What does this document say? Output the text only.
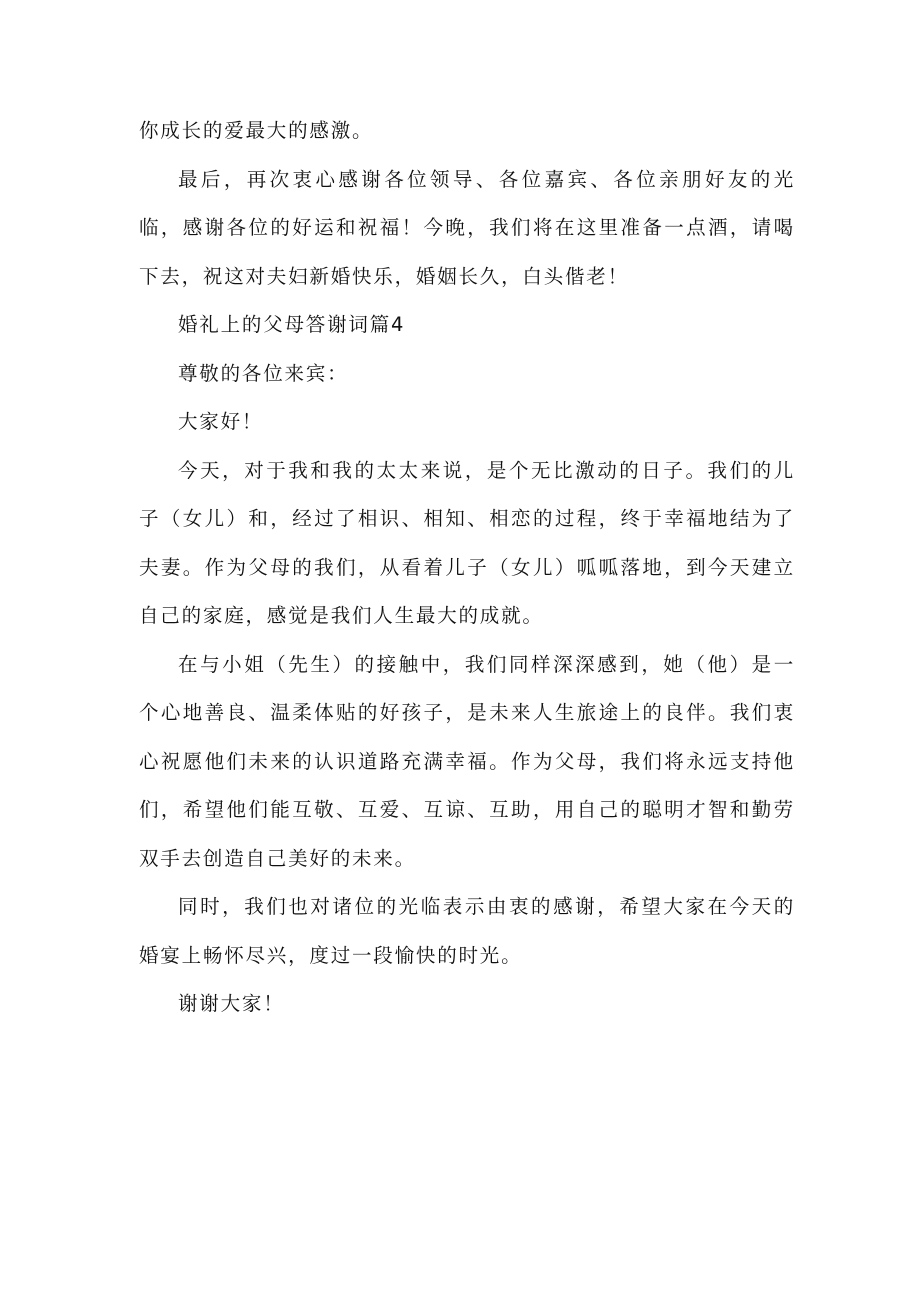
你成长的爱最大的感激。

最后，再次衷心感谢各位领导、各位嘉宾、各位亲朋好友的光临，感谢各位的好运和祝福！今晚，我们将在这里准备一点酒，请喝下去，祝这对夫妇新婚快乐，婚姻长久，白头偕老！

婚礼上的父母答谢词篇4

尊敬的各位来宾：

大家好！

今天，对于我和我的太太来说，是个无比激动的日子。我们的儿子（女儿）和，经过了相识、相知、相恋的过程，终于幸福地结为了夫妻。作为父母的我们，从看着儿子（女儿）呱呱落地，到今天建立自己的家庭，感觉是我们人生最大的成就。

在与小姐（先生）的接触中，我们同样深深感到，她（他）是一个心地善良、温柔体贴的好孩子，是未来人生旅途上的良伴。我们衷心祝愿他们未来的认识道路充满幸福。作为父母，我们将永远支持他们，希望他们能互敬、互爱、互谅、互助，用自己的聪明才智和勤劳双手去创造自己美好的未来。

同时，我们也对诸位的光临表示由衷的感谢，希望大家在今天的婚宴上畅怀尽兴，度过一段愉快的时光。

谢谢大家！
